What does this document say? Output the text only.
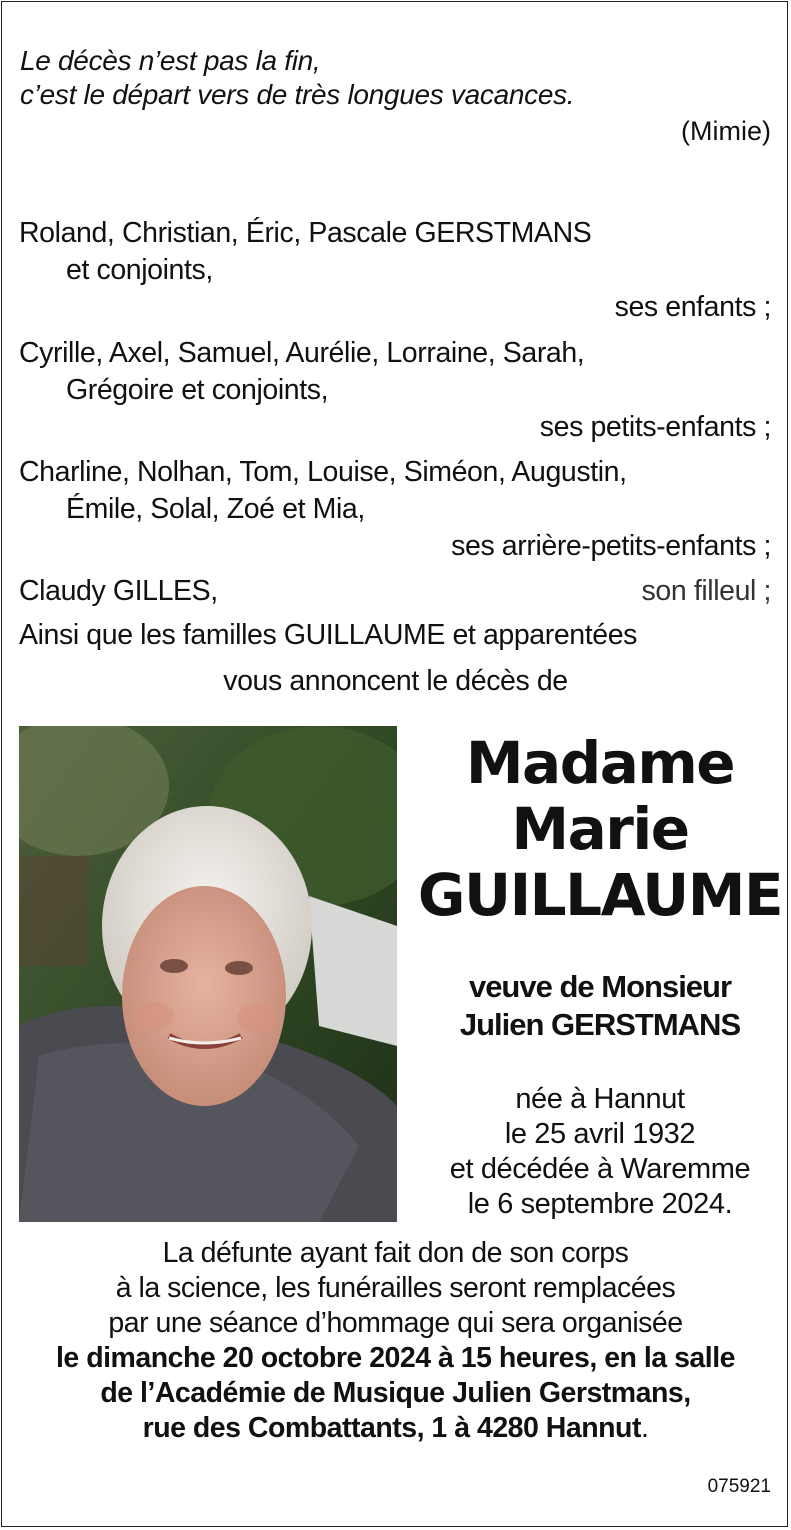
Le décès n’est pas la fin,
c’est le départ vers de très longues vacances.
(Mimie)
Roland, Christian, Éric, Pascale GERSTMANS
et conjoints,
ses enfants ;
Cyrille, Axel, Samuel, Aurélie, Lorraine, Sarah,
Grégoire et conjoints,
ses petits-enfants ;
Charline, Nolhan, Tom, Louise, Siméon, Augustin,
Émile, Solal, Zoé et Mia,
ses arrière-petits-enfants ;
Claudy GILLES,	son filleul ;
Ainsi que les familles GUILLAUME et apparentées
vous annoncent le décès de
Madame
Marie
GUILLAUME
veuve de Monsieur
Julien GERSTMANS
née à Hannut
le 25 avril 1932
et décédée à Waremme
le 6 septembre 2024.
La défunte ayant fait don de son corps
à la science, les funérailles seront remplacées
par une séance d’hommage qui sera organisée
le dimanche 20 octobre 2024 à 15 heures, en la salle
de l’Académie de Musique Julien Gerstmans,
rue des Combattants, 1 à 4280 Hannut.
075921
